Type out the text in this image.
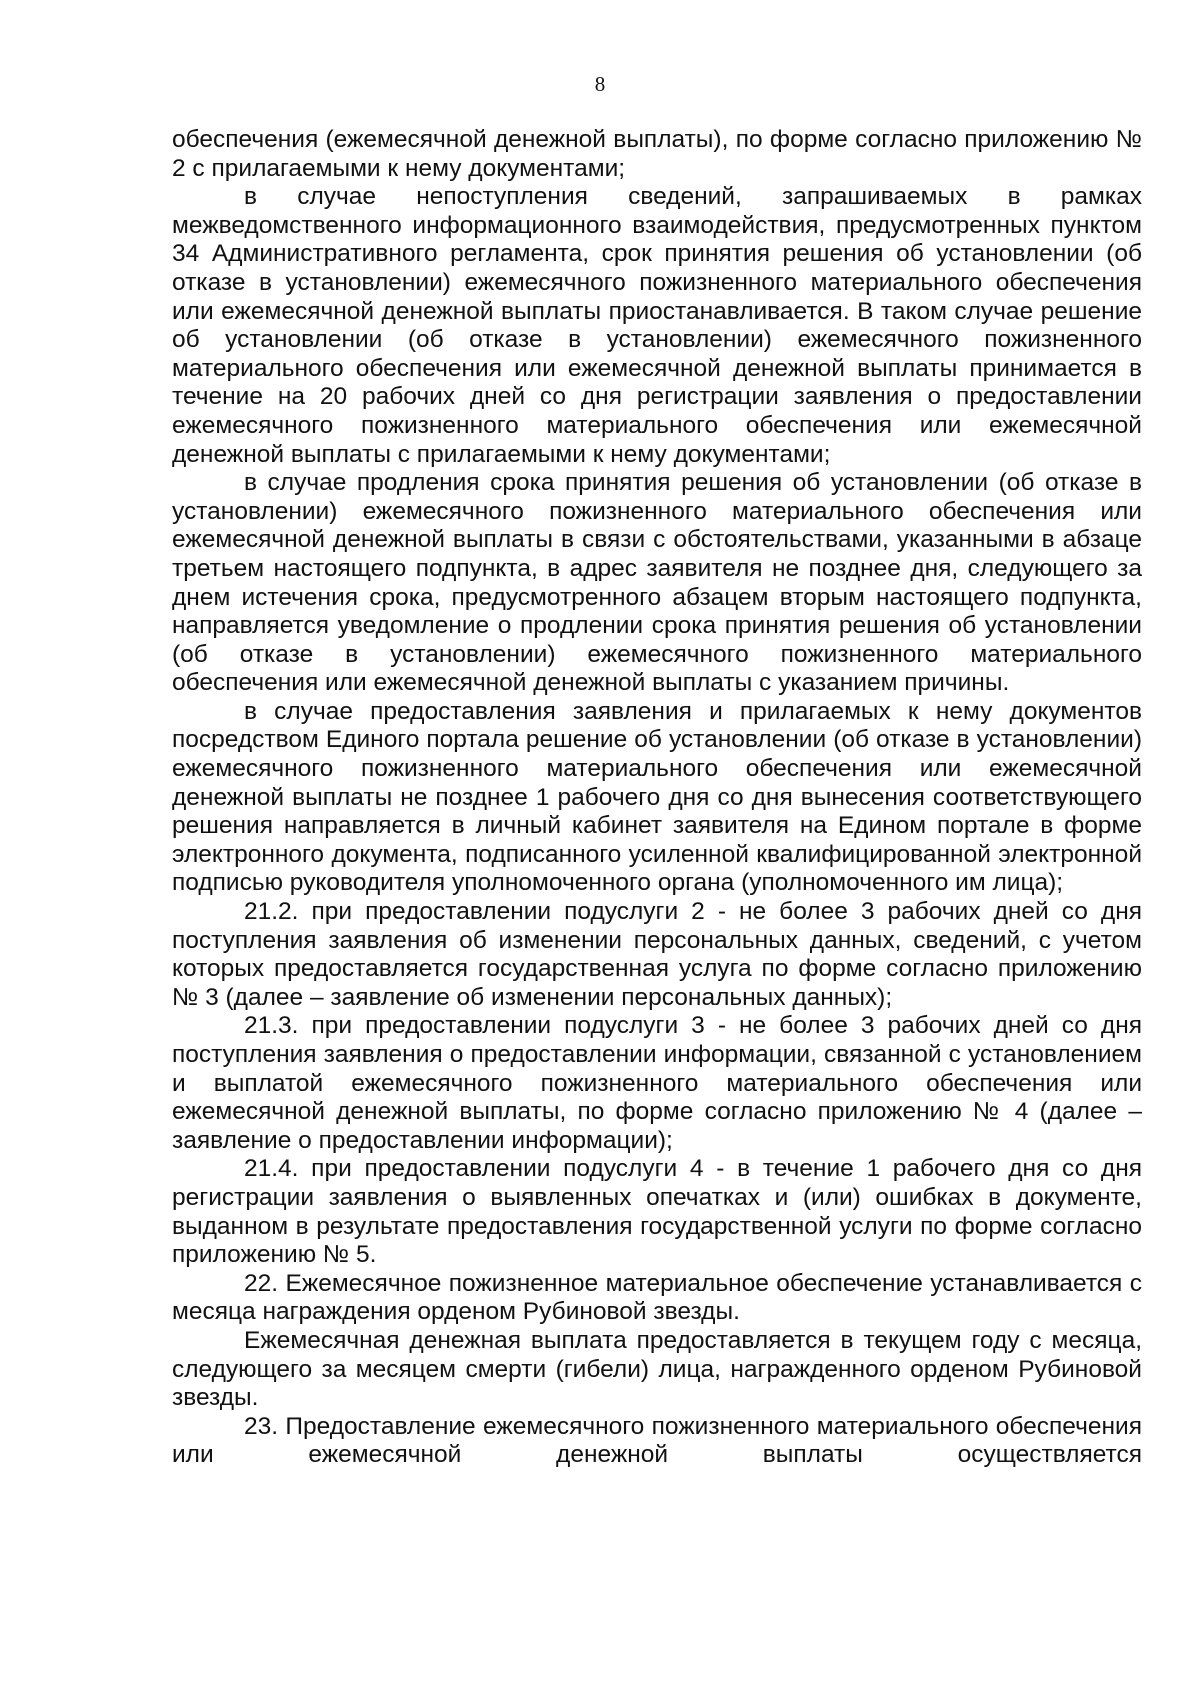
8

обеспечения (ежемесячной денежной выплаты), по форме согласно приложению № 2 с прилагаемыми к нему документами;

в случае непоступления сведений, запрашиваемых в рамках межведомственного информационного взаимодействия, предусмотренных пунктом 34 Административного регламента, срок принятия решения об установлении (об отказе в установлении) ежемесячного пожизненного материального обеспечения или ежемесячной денежной выплаты приостанавливается. В таком случае решение об установлении (об отказе в установлении) ежемесячного пожизненного материального обеспечения или ежемесячной денежной выплаты принимается в течение на 20 рабочих дней со дня регистрации заявления о предоставлении ежемесячного пожизненного материального обеспечения или ежемесячной денежной выплаты с прилагаемыми к нему документами;

в случае продления срока принятия решения об установлении (об отказе в установлении) ежемесячного пожизненного материального обеспечения или ежемесячной денежной выплаты в связи с обстоятельствами, указанными в абзаце третьем настоящего подпункта, в адрес заявителя не позднее дня, следующего за днем истечения срока, предусмотренного абзацем вторым настоящего подпункта, направляется уведомление о продлении срока принятия решения об установлении (об отказе в установлении) ежемесячного пожизненного материального обеспечения или ежемесячной денежной выплаты с указанием причины.

в случае предоставления заявления и прилагаемых к нему документов посредством Единого портала решение об установлении (об отказе в установлении) ежемесячного пожизненного материального обеспечения или ежемесячной денежной выплаты не позднее 1 рабочего дня со дня вынесения соответствующего решения направляется в личный кабинет заявителя на Едином портале в форме электронного документа, подписанного усиленной квалифицированной электронной подписью руководителя уполномоченного органа (уполномоченного им лица);

21.2. при предоставлении подуслуги 2 - не более 3 рабочих дней со дня поступления заявления об изменении персональных данных, сведений, с учетом которых предоставляется государственная услуга по форме согласно приложению № 3 (далее – заявление об изменении персональных данных);

21.3. при предоставлении подуслуги 3 - не более 3 рабочих дней со дня поступления заявления о предоставлении информации, связанной с установлением и выплатой ежемесячного пожизненного материального обеспечения или ежемесячной денежной выплаты, по форме согласно приложению № 4 (далее – заявление о предоставлении информации);

21.4. при предоставлении подуслуги 4 - в течение 1 рабочего дня со дня регистрации заявления о выявленных опечатках и (или) ошибках в документе, выданном в результате предоставления государственной услуги по форме согласно приложению № 5.

22. Ежемесячное пожизненное материальное обеспечение устанавливается с месяца награждения орденом Рубиновой звезды.

Ежемесячная денежная выплата предоставляется в текущем году с месяца, следующего за месяцем смерти (гибели) лица, награжденного орденом Рубиновой звезды.

23. Предоставление ежемесячного пожизненного материального обеспечения или ежемесячной денежной выплаты осуществляется
